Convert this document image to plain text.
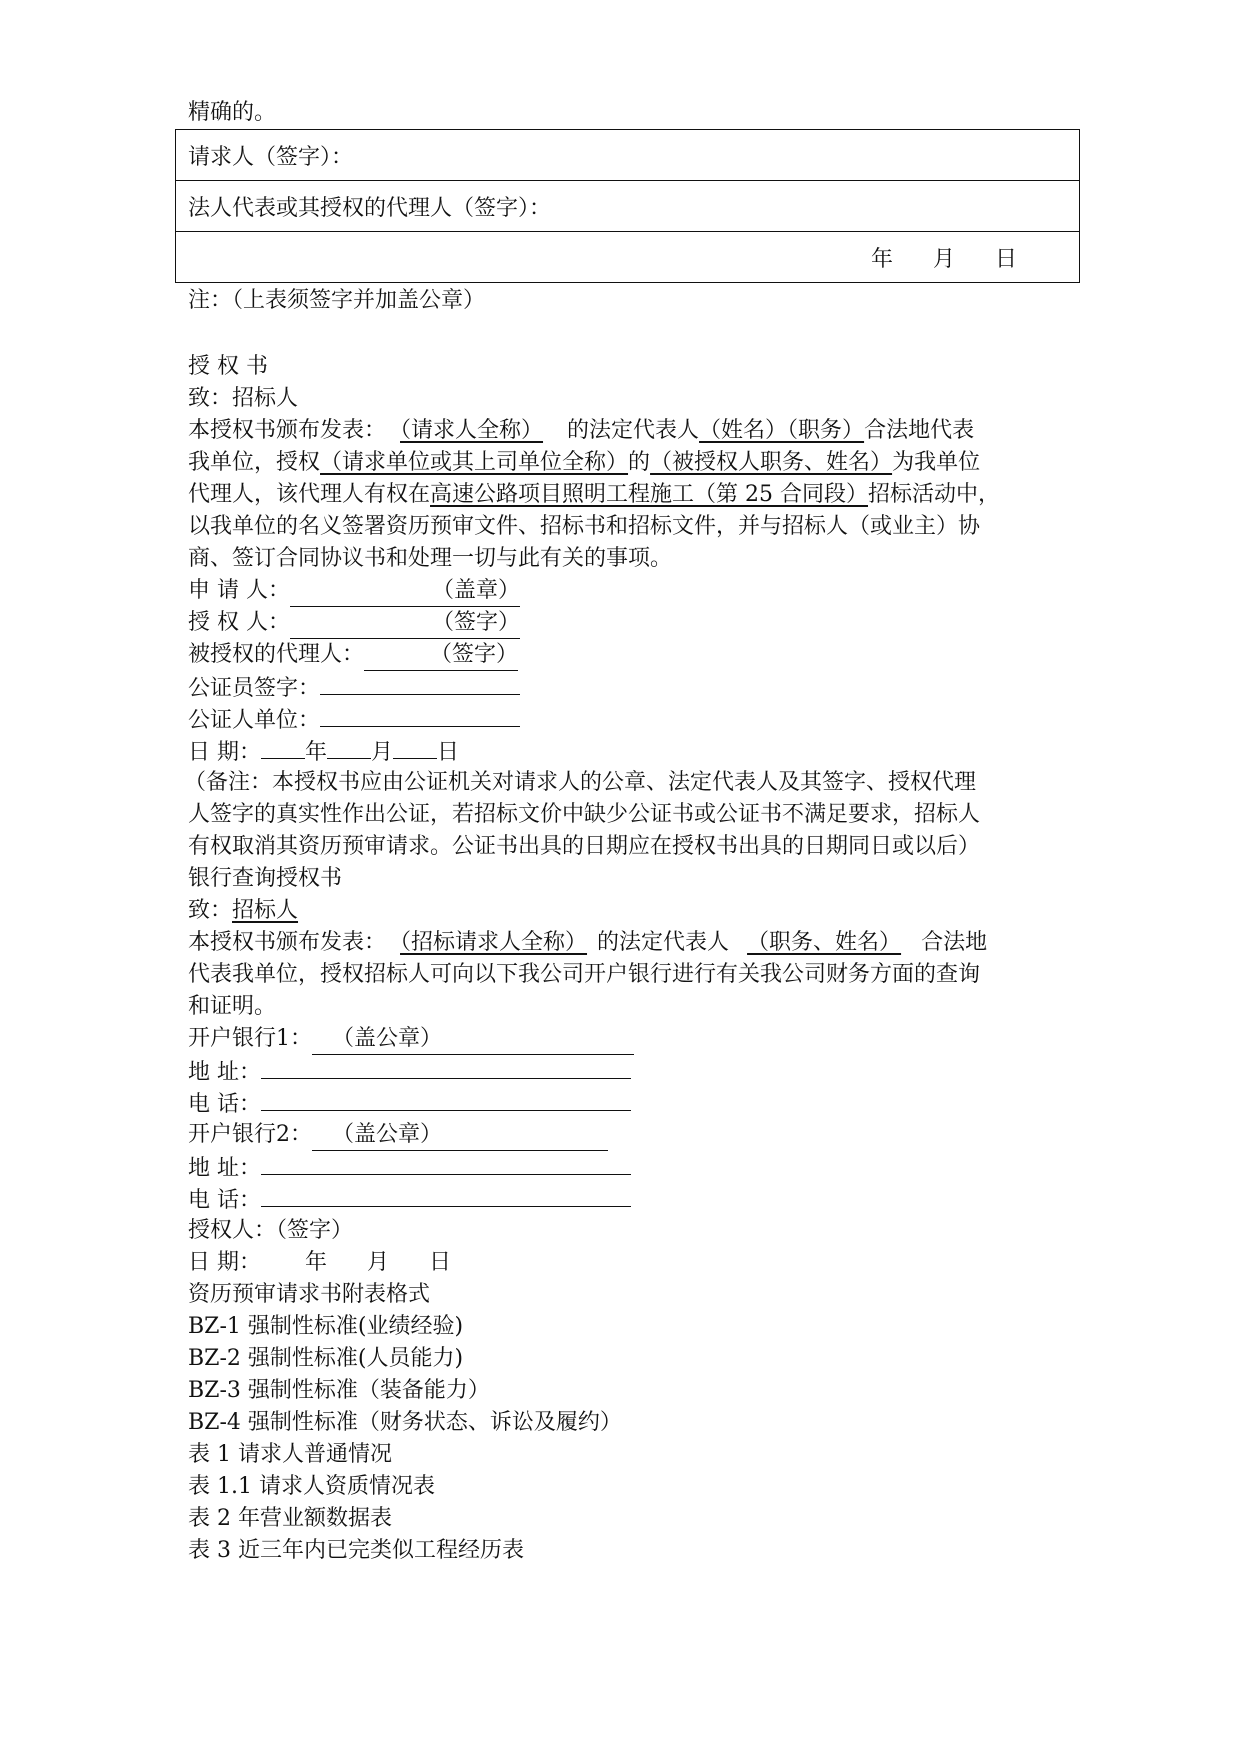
精确的。
请求人（签字）：
法人代表或其授权的代理人（签字）：
年 月 日
注：（上表须签字并加盖公章）
授 权 书
致：招标人
本授权书颁布发表： （请求人全称） 的法定代表人（姓名）（职务）合法地代表
我单位，授权（请求单位或其上司单位全称）的（被授权人职务、姓名）为我单位
代理人，该代理人有权在高速公路项目照明工程施工（第 25 合同段）招标活动中，
以我单位的名义签署资历预审文件、招标书和招标文件，并与招标人（或业主）协
商、签订合同协议书和处理一切与此有关的事项。
申 请 人：	（盖章）
授 权 人：	（签字）
被授权的代理人：	（签字）
公证员签字：
公证人单位：
日 期： 年 月 日
（备注：本授权书应由公证机关对请求人的公章、法定代表人及其签字、授权代理
人签字的真实性作出公证，若招标文价中缺少公证书或公证书不满足要求，招标人
有权取消其资历预审请求。公证书出具的日期应在授权书出具的日期同日或以后）
银行查询授权书
致：招标人
本授权书颁布发表： （招标请求人全称） 的法定代表人 （职务、姓名） 合法地
代表我单位，授权招标人可向以下我公司开户银行进行有关我公司财务方面的查询
和证明。
开户银行1： （盖公章）
地 址：
电 话：
开户银行2： （盖公章）
地 址：
电 话：
授权人：（签字）
日 期： 年 月 日
资历预审请求书附表格式
BZ-1 强制性标准(业绩经验)
BZ-2 强制性标准(人员能力)
BZ-3 强制性标准（装备能力）
BZ-4 强制性标准（财务状态、诉讼及履约）
表 1 请求人普通情况
表 1.1 请求人资质情况表
表 2 年营业额数据表
表 3 近三年内已完类似工程经历表
